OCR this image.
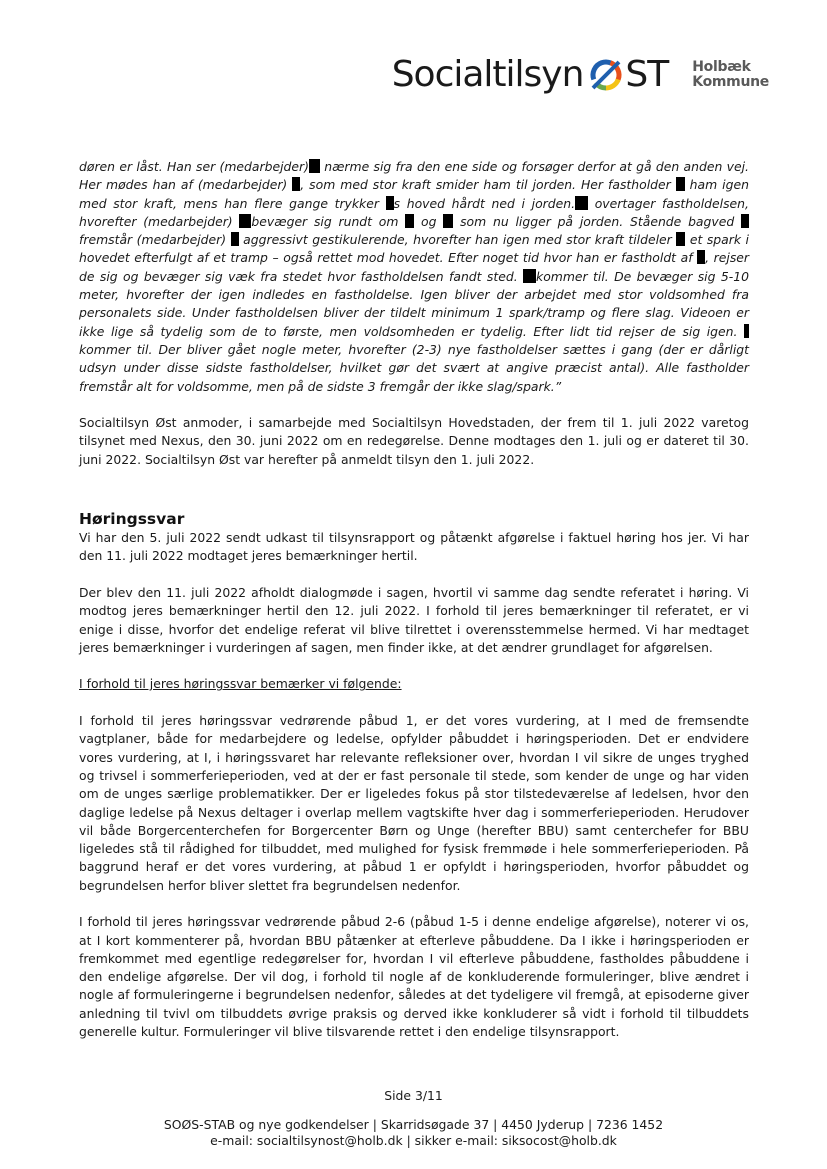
Socialtilsyn ST Holbæk
Kommune

døren er låst. Han ser (medarbejder) nærme sig fra den ene side og forsøger derfor at gå den anden vej. Her mødes han af (medarbejder) , som med stor kraft smider ham til jorden. Her fastholder  ham igen med stor kraft, mens han flere gange trykker s hoved hårdt ned i jorden. overtager fastholdelsen, hvorefter (medarbejder) bevæger sig rundt om  og  som nu ligger på jorden. Stående bagved  fremstår (medarbejder)  aggressivt gestikulerende, hvorefter han igen med stor kraft tildeler  et spark i hovedet efterfulgt af et tramp – også rettet mod hovedet. Efter noget tid hvor han er fastholdt af , rejser de sig og bevæger sig væk fra stedet hvor fastholdelsen fandt sted. kommer til. De bevæger sig 5-10 meter, hvorefter der igen indledes en fastholdelse. Igen bliver der arbejdet med stor voldsomhed fra personalets side. Under fastholdelsen bliver der tildelt minimum 1 spark/tramp og flere slag. Videoen er ikke lige så tydelig som de to første, men voldsomheden er tydelig. Efter lidt tid rejser de sig igen.  kommer til. Der bliver gået nogle meter, hvorefter (2-3) nye fastholdelser sættes i gang (der er dårligt udsyn under disse sidste fastholdelser, hvilket gør det svært at angive præcist antal). Alle fastholder fremstår alt for voldsomme, men på de sidste 3 fremgår der ikke slag/spark.”

Socialtilsyn Øst anmoder, i samarbejde med Socialtilsyn Hovedstaden, der frem til 1. juli 2022 varetog tilsynet med Nexus, den 30. juni 2022 om en redegørelse. Denne modtages den 1. juli og er dateret til 30. juni 2022. Socialtilsyn Øst var herefter på anmeldt tilsyn den 1. juli 2022.

Høringssvar

Vi har den 5. juli 2022 sendt udkast til tilsynsrapport og påtænkt afgørelse i faktuel høring hos jer. Vi har den 11. juli 2022 modtaget jeres bemærkninger hertil.

Der blev den 11. juli 2022 afholdt dialogmøde i sagen, hvortil vi samme dag sendte referatet i høring. Vi modtog jeres bemærkninger hertil den 12. juli 2022. I forhold til jeres bemærkninger til referatet, er vi enige i disse, hvorfor det endelige referat vil blive tilrettet i overensstemmelse hermed. Vi har medtaget jeres bemærkninger i vurderingen af sagen, men finder ikke, at det ændrer grundlaget for afgørelsen.

I forhold til jeres høringssvar bemærker vi følgende:

I forhold til jeres høringssvar vedrørende påbud 1, er det vores vurdering, at I med de fremsendte vagtplaner, både for medarbejdere og ledelse, opfylder påbuddet i høringsperioden. Det er endvidere vores vurdering, at I, i høringssvaret har relevante refleksioner over, hvordan I vil sikre de unges tryghed og trivsel i sommerferieperioden, ved at der er fast personale til stede, som kender de unge og har viden om de unges særlige problematikker. Der er ligeledes fokus på stor tilstedeværelse af ledelsen, hvor den daglige ledelse på Nexus deltager i overlap mellem vagtskifte hver dag i sommerferieperioden. Herudover vil både Borgercenterchefen for Borgercenter Børn og Unge (herefter BBU) samt centerchefer for BBU ligeledes stå til rådighed for tilbuddet, med mulighed for fysisk fremmøde i hele sommerferieperioden. På baggrund heraf er det vores vurdering, at påbud 1 er opfyldt i høringsperioden, hvorfor påbuddet og begrundelsen herfor bliver slettet fra begrundelsen nedenfor.

I forhold til jeres høringssvar vedrørende påbud 2-6 (påbud 1-5 i denne endelige afgørelse), noterer vi os, at I kort kommenterer på, hvordan BBU påtænker at efterleve påbuddene. Da I ikke i høringsperioden er fremkommet med egentlige redegørelser for, hvordan I vil efterleve påbuddene, fastholdes påbuddene i den endelige afgørelse. Der vil dog, i forhold til nogle af de konkluderende formuleringer, blive ændret i nogle af formuleringerne i begrundelsen nedenfor, således at det tydeligere vil fremgå, at episoderne giver anledning til tvivl om tilbuddets øvrige praksis og derved ikke konkluderer så vidt i forhold til tilbuddets generelle kultur. Formuleringer vil blive tilsvarende rettet i den endelige tilsynsrapport.

Side 3/11
SOØS-STAB og nye godkendelser | Skarridsøgade 37 | 4450 Jyderup | 7236 1452
e-mail: socialtilsynost@holb.dk | sikker e-mail: siksocost@holb.dk
